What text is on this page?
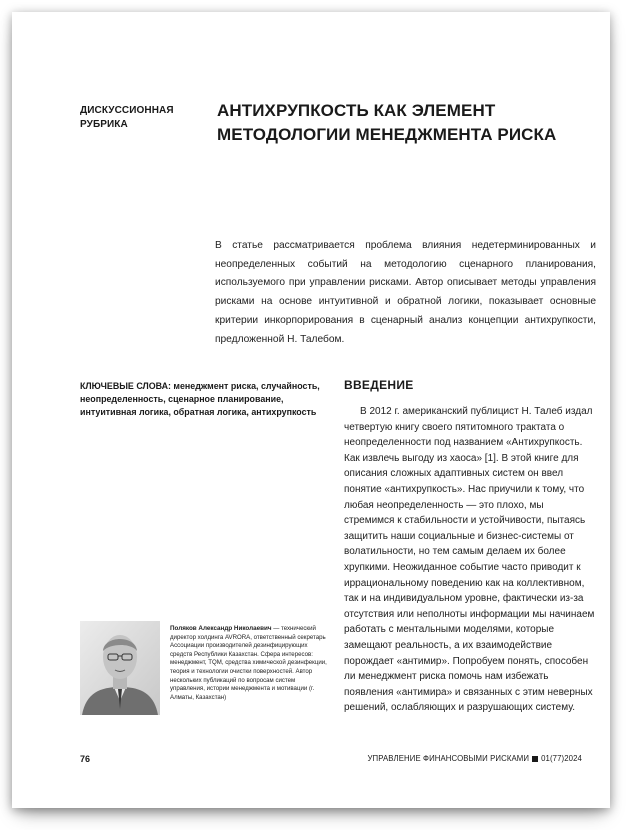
ДИСКУССИОННАЯ РУБРИКА
АНТИХРУПКОСТЬ КАК ЭЛЕМЕНТ МЕТОДОЛОГИИ МЕНЕДЖМЕНТА РИСКА

В статье рассматривается проблема влияния недетерминированных и неопределенных событий на методологию сценарного планирования, используемого при управлении рисками. Автор описывает методы управления рисками на основе интуитивной и обратной логики, показывает основные критерии инкорпорирования в сценарный анализ концепции антихрупкости, предложенной Н. Талебом.

КЛЮЧЕВЫЕ СЛОВА: менеджмент риска, случайность, неопределенность, сценарное планирование, интуитивная логика, обратная логика, антихрупкость

ВВЕДЕНИЕ

В 2012 г. американский публицист Н. Талеб издал четвертую книгу своего пятитомного трактата о неопределенности под названием «Антихрупкость. Как извлечь выгоду из хаоса» [1]. В этой книге для описания сложных адаптивных систем он ввел понятие «антихрупкость». Нас приучили к тому, что любая неопределенность — это плохо, мы стремимся к стабильности и устойчивости, пытаясь защитить наши социальные и бизнес-системы от волатильности, но тем самым делаем их более хрупкими. Неожиданное событие часто приводит к иррациональному поведению как на коллективном, так и на индивидуальном уровне, фактически из-за отсутствия или неполноты информации мы начинаем работать с ментальными моделями, которые замещают реальность, а их взаимодействие порождает «антимир». Попробуем понять, способен ли менеджмент риска помочь нам избежать появления «антимира» и связанных с этим неверных решений, ослабляющих и разрушающих систему.

Поляков Александр Николаевич — технический директор холдинга AVRORA, ответственный секретарь Ассоциации производителей дезинфицирующих средств Республики Казахстан. Сфера интересов: менеджмент, TQM, средства химической дезинфекции, теория и технологии очистки поверхностей. Автор нескольких публикаций по вопросам систем управления, истории менеджмента и мотивации (г. Алматы, Казахстан)

76	УПРАВЛЕНИЕ ФИНАНСОВЫМИ РИСКАМИ 01(77)2024
